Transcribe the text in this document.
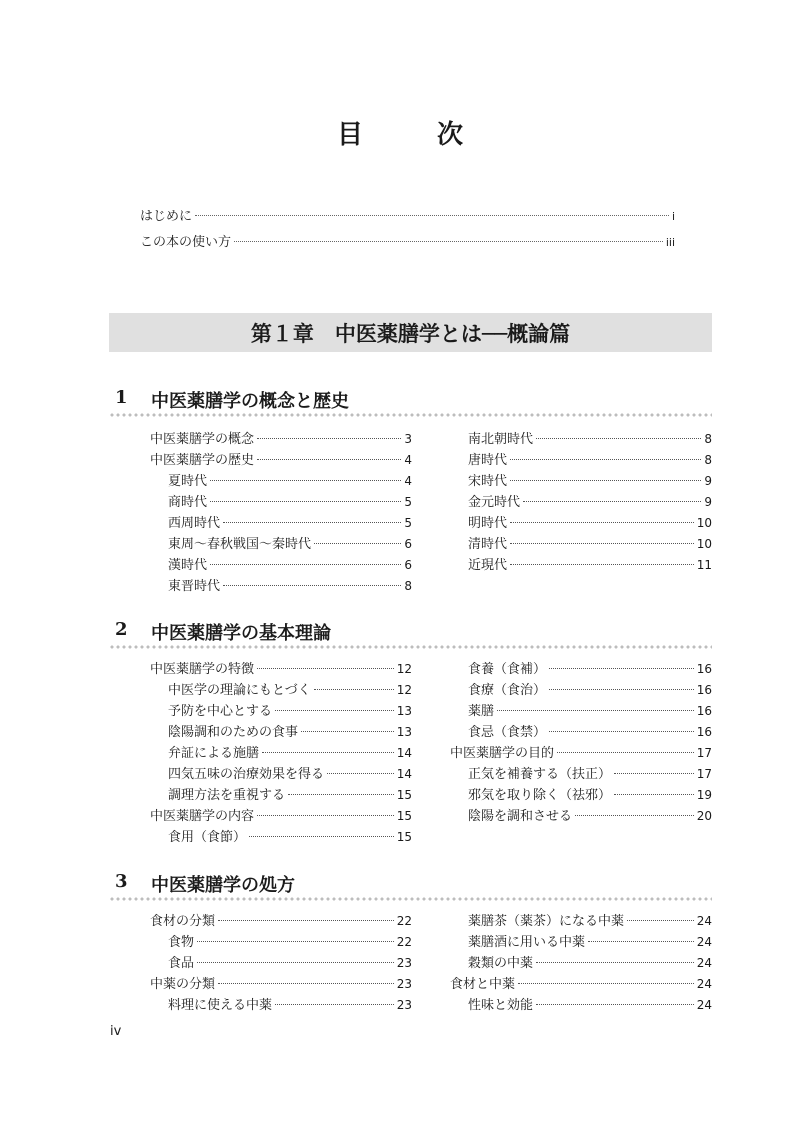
目　次
はじめに	i
この本の使い方	iii
第１章　中医薬膳学とは──概論篇
1	中医薬膳学の概念と歴史
中医薬膳学の概念	3
中医薬膳学の歴史	4
夏時代	4
商時代	5
西周時代	5
東周～春秋戦国～秦時代	6
漢時代	6
東晋時代	8
南北朝時代	8
唐時代	8
宋時代	9
金元時代	9
明時代	10
清時代	10
近現代	11
2	中医薬膳学の基本理論
中医薬膳学の特徴	12
中医学の理論にもとづく	12
予防を中心とする	13
陰陽調和のための食事	13
弁証による施膳	14
四気五味の治療効果を得る	14
調理方法を重視する	15
中医薬膳学の内容	15
食用（食節）	15
食養（食補）	16
食療（食治）	16
薬膳	16
食忌（食禁）	16
中医薬膳学の目的	17
正気を補養する（扶正）	17
邪気を取り除く（祛邪）	19
陰陽を調和させる	20
3	中医薬膳学の処方
食材の分類	22
食物	22
食品	23
中薬の分類	23
料理に使える中薬	23
薬膳茶（薬茶）になる中薬	24
薬膳酒に用いる中薬	24
穀類の中薬	24
食材と中薬	24
性味と効能	24
iv
